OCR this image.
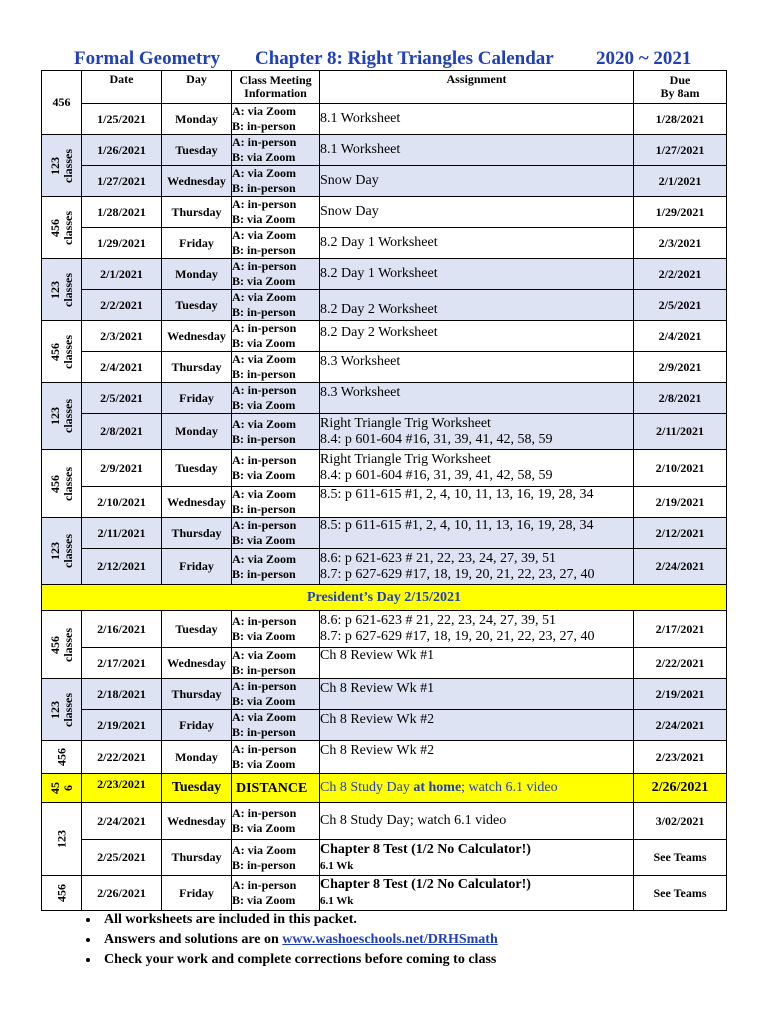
Formal Geometry Chapter 8: Right Triangles Calendar 2020 ~ 2021
456	Date	Day	Class Meeting
Information	Assignment	Due
By 8am
	1/25/2021	Monday	A: via Zoom
B: in-person	8.1 Worksheet	1/28/2021

123
classes	1/26/2021	Tuesday	A: in-person
B: via Zoom	8.1 Worksheet	1/27/2021
	1/27/2021	Wednesday	A: via Zoom
B: in-person	Snow Day	2/1/2021

456
classes	1/28/2021	Thursday	A: in-person
B: via Zoom	Snow Day	1/29/2021
	1/29/2021	Friday	A: via Zoom
B: in-person	8.2 Day 1 Worksheet	2/3/2021

123
classes	2/1/2021	Monday	A: in-person
B: via Zoom	8.2 Day 1 Worksheet	2/2/2021
	2/2/2021	Tuesday	A: via Zoom
B: in-person	8.2 Day 2 Worksheet	2/5/2021

456
classes	2/3/2021	Wednesday	A: in-person
B: via Zoom	8.2 Day 2 Worksheet	2/4/2021
	2/4/2021	Thursday	A: via Zoom
B: in-person	8.3 Worksheet	2/9/2021

123
classes	2/5/2021	Friday	A: in-person
B: via Zoom	8.3 Worksheet	2/8/2021
	2/8/2021	Monday	A: via Zoom
B: in-person	Right Triangle Trig Worksheet
8.4: p 601-604 #16, 31, 39, 41, 42, 58, 59	2/11/2021

456
classes	2/9/2021	Tuesday	A: in-person
B: via Zoom	Right Triangle Trig Worksheet
8.4: p 601-604 #16, 31, 39, 41, 42, 58, 59	2/10/2021
	2/10/2021	Wednesday	A: via Zoom
B: in-person	8.5: p 611-615 #1, 2, 4, 10, 11, 13, 16, 19, 28, 34	2/19/2021

123
classes	2/11/2021	Thursday	A: in-person
B: via Zoom	8.5: p 611-615 #1, 2, 4, 10, 11, 13, 16, 19, 28, 34	2/12/2021
	2/12/2021	Friday	A: via Zoom
B: in-person	8.6: p 621-623 # 21, 22, 23, 24, 27, 39, 51
8.7: p 627-629 #17, 18, 19, 20, 21, 22, 23, 27, 40	2/24/2021
President’s Day 2/15/2021					

456
classes	2/16/2021	Tuesday	A: in-person
B: via Zoom	8.6: p 621-623 # 21, 22, 23, 24, 27, 39, 51
8.7: p 627-629 #17, 18, 19, 20, 21, 22, 23, 27, 40	2/17/2021
	2/17/2021	Wednesday	A: via Zoom
B: in-person	Ch 8 Review Wk #1	2/22/2021

123
classes	2/18/2021	Thursday	A: in-person
B: via Zoom	Ch 8 Review Wk #1	2/19/2021
	2/19/2021	Friday	A: via Zoom
B: in-person	Ch 8 Review Wk #2	2/24/2021

456	2/22/2021	Monday	A: in-person
B: via Zoom	Ch 8 Review Wk #2	2/23/2021

45
6	2/23/2021	Tuesday	DISTANCE	Ch 8 Study Day at home; watch 6.1 video	2/26/2021

123	2/24/2021	Wednesday	A: in-person
B: via Zoom	Ch 8 Study Day; watch 6.1 video	3/02/2021
	2/25/2021	Thursday	A: via Zoom
B: in-person	Chapter 8 Test (1/2 No Calculator!)
6.1 Wk	See Teams

456	2/26/2021	Friday	A: in-person
B: via Zoom	Chapter 8 Test (1/2 No Calculator!)
6.1 Wk	See Teams
• All worksheets are included in this packet.
• Answers and solutions are on www.washoeschools.net/DRHSmath
• Check your work and complete corrections before coming to class
